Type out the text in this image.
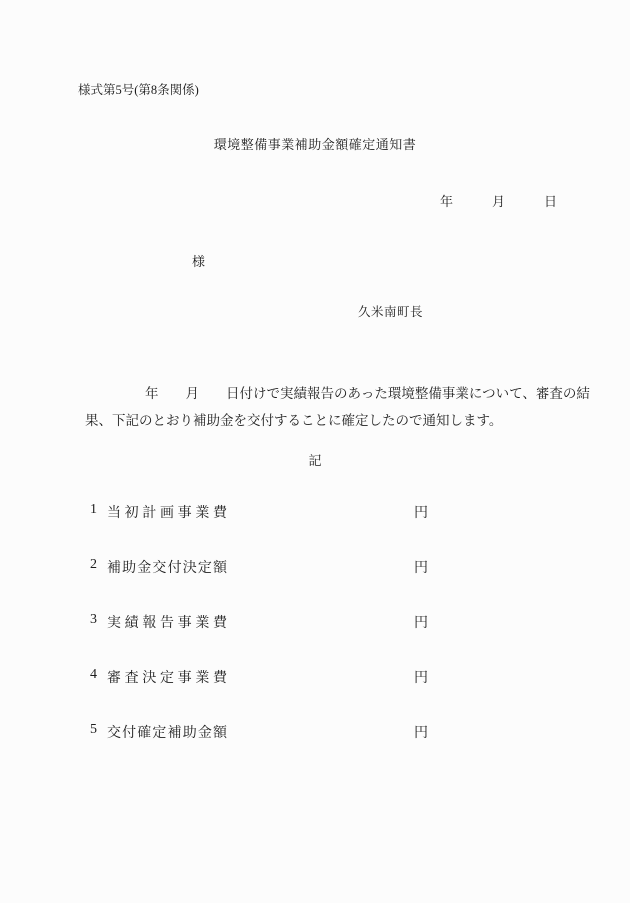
様式第5号(第8条関係)
環境整備事業補助金額確定通知書
年　　　月　　　日
様
久米南町長
年　　月　　日付けで実績報告のあった環境整備事業について、審査の結
果、下記のとおり補助金を交付することに確定したので通知します。
記
1 当初計画事業費	円
2 補助金交付決定額	円
3 実績報告事業費	円
4 審査決定事業費	円
5 交付確定補助金額	円
